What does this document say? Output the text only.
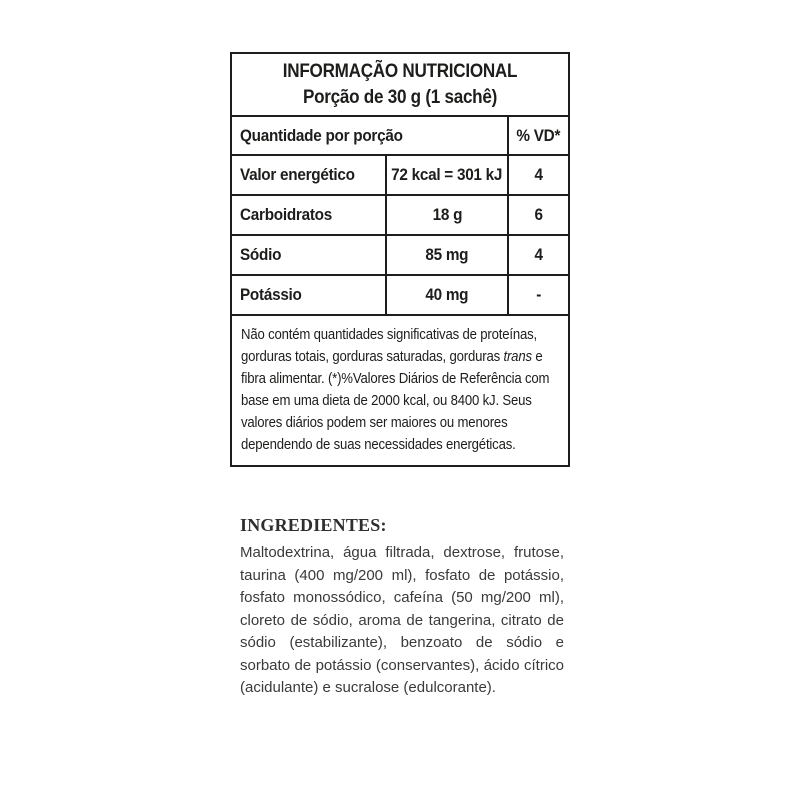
INFORMAÇÃO NUTRICIONAL
Porção de 30 g (1 sachê)
Quantidade por porção	% VD*
Valor energético 72 kcal = 301 kJ 4
Carboidratos	18 g	6
Sódio	85 mg	4
Potássio	40 mg	-
Não contém quantidades significativas de proteínas, gorduras totais, gorduras saturadas, gorduras trans e fibra alimentar. (*)%Valores Diários de Referência com base em uma dieta de 2000 kcal, ou 8400 kJ. Seus valores diários podem ser maiores ou menores dependendo de suas necessidades energéticas.
INGREDIENTES:
Maltodextrina, água filtrada, dextrose, frutose, taurina (400 mg/200 ml), fosfato de potássio, fosfato monossódico, cafeína (50 mg/200 ml), cloreto de sódio, aroma de tangerina, citrato de sódio (estabilizante), benzoato de sódio e sorbato de potássio (conservantes), ácido cítrico (acidulante) e sucralose (edulcorante).
